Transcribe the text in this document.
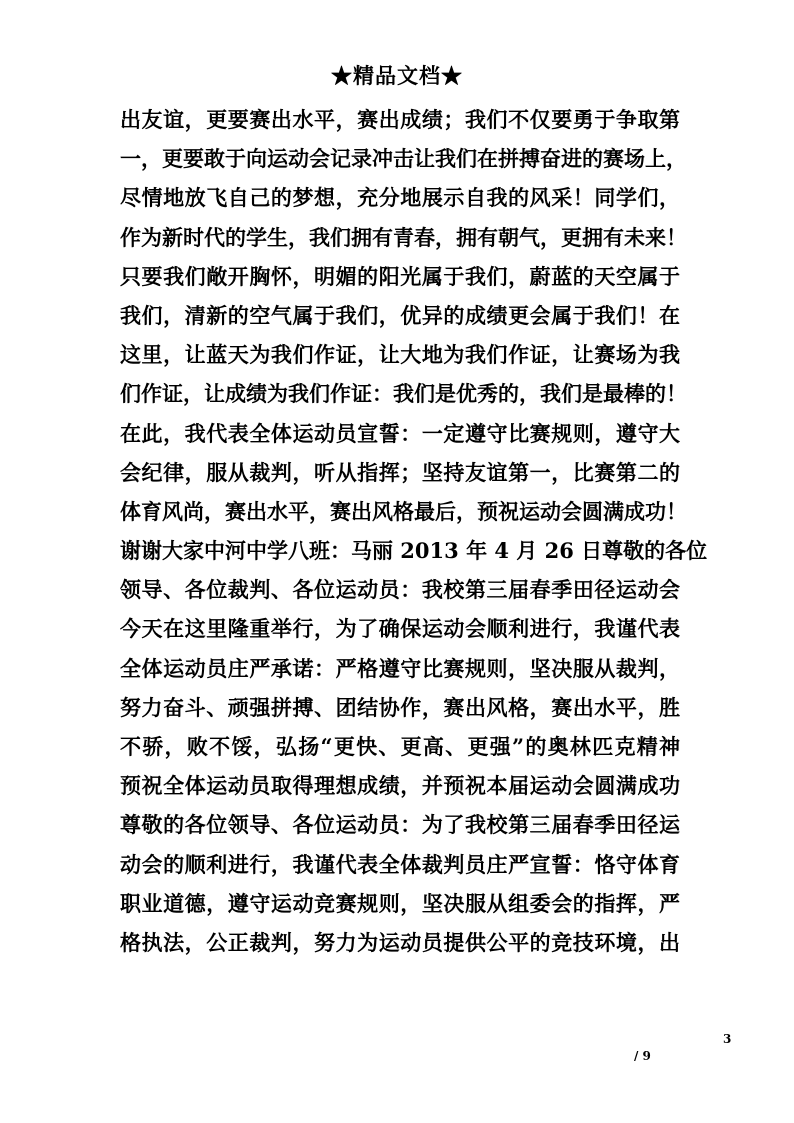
★精品文档★
出友谊，更要赛出水平，赛出成绩；我们不仅要勇于争取第
一，更要敢于向运动会记录冲击让我们在拼搏奋进的赛场上，
尽情地放飞自己的梦想，充分地展示自我的风采！同学们，
作为新时代的学生，我们拥有青春，拥有朝气，更拥有未来！
只要我们敞开胸怀，明媚的阳光属于我们，蔚蓝的天空属于
我们，清新的空气属于我们，优异的成绩更会属于我们！在
这里，让蓝天为我们作证，让大地为我们作证，让赛场为我
们作证，让成绩为我们作证：我们是优秀的，我们是最棒的！
在此，我代表全体运动员宣誓：一定遵守比赛规则，遵守大
会纪律，服从裁判，听从指挥；坚持友谊第一，比赛第二的
体育风尚，赛出水平，赛出风格最后，预祝运动会圆满成功！
谢谢大家中河中学八班：马丽 2013 年 4 月 26 日尊敬的各位
领导、各位裁判、各位运动员：我校第三届春季田径运动会
今天在这里隆重举行，为了确保运动会顺利进行，我谨代表
全体运动员庄严承诺：严格遵守比赛规则，坚决服从裁判，
努力奋斗、顽强拼搏、团结协作，赛出风格，赛出水平，胜
不骄，败不馁，弘扬“更快、更高、更强”的奥林匹克精神
预祝全体运动员取得理想成绩，并预祝本届运动会圆满成功
尊敬的各位领导、各位运动员：为了我校第三届春季田径运
动会的顺利进行，我谨代表全体裁判员庄严宣誓：恪守体育
职业道德，遵守运动竞赛规则，坚决服从组委会的指挥，严
格执法，公正裁判，努力为运动员提供公平的竞技环境，出
3
/ 9
